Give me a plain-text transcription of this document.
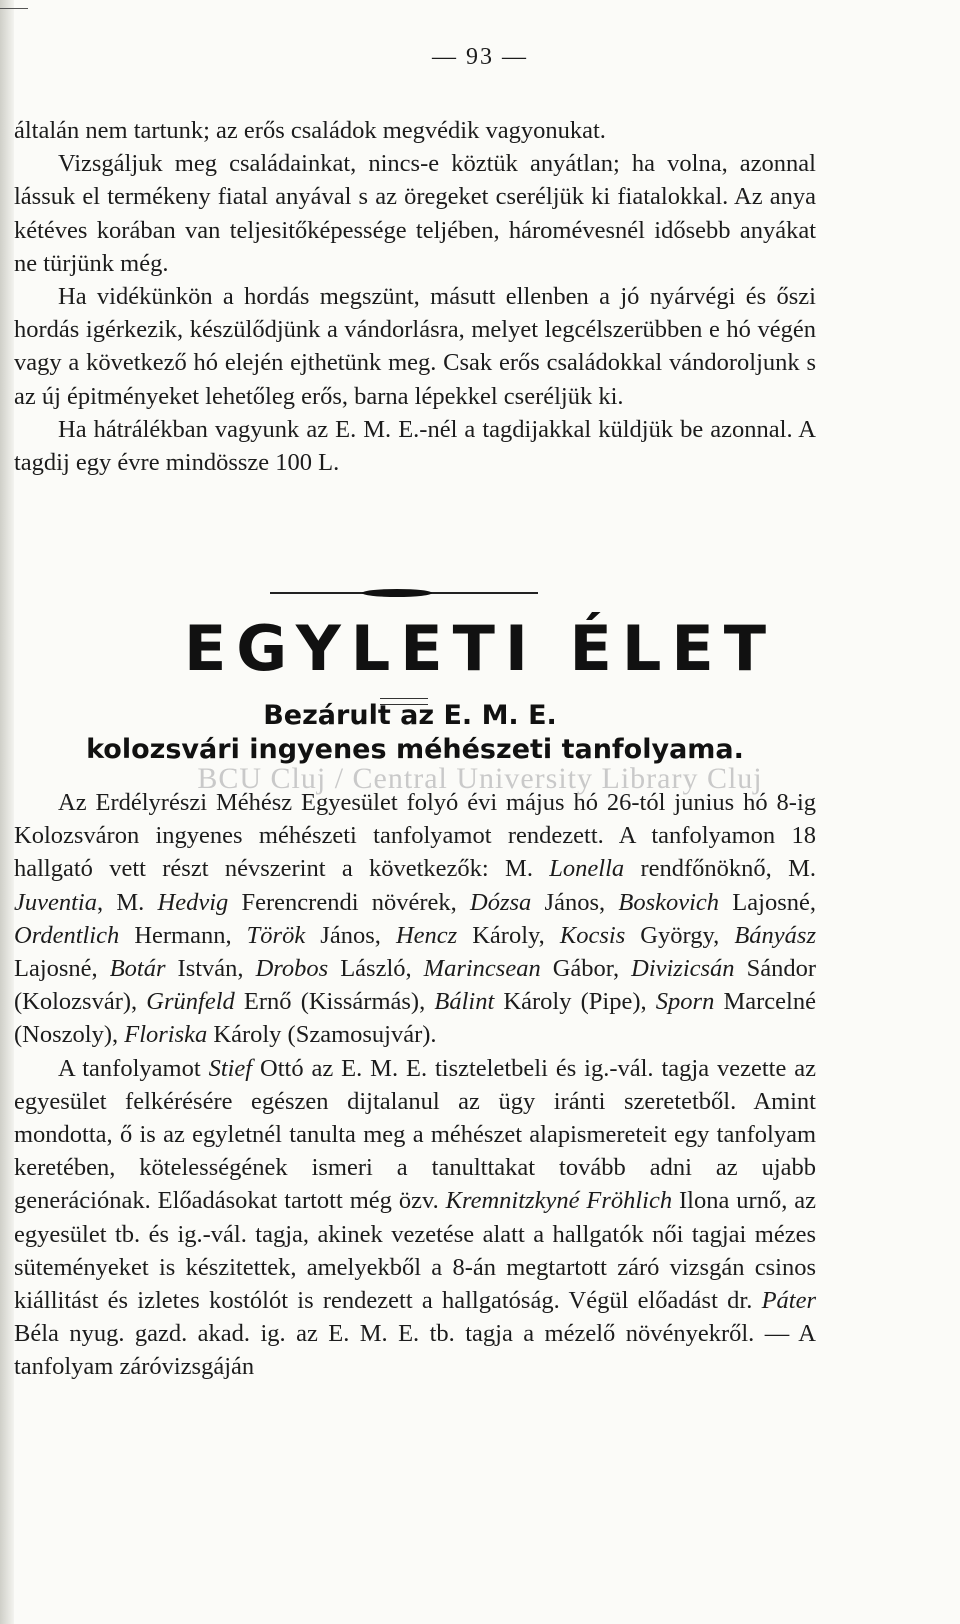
— 93 —

általán nem tartunk; az erős családok megvédik vagyonukat.

Vizsgáljuk meg családainkat, nincs-e köztük anyátlan; ha volna, azonnal lássuk el termékeny fiatal anyával s az öregeket cseréljük ki fiatalokkal. Az anya kétéves korában van teljesitőképessége teljében, háromévesnél idősebb anyákat ne türjünk még.

Ha vidékünkön a hordás megszünt, másutt ellenben a jó nyárvégi és őszi hordás igérkezik, készülődjünk a vándorlásra, melyet legcélszerübben e hó végén vagy a következő hó elején ejthetünk meg. Csak erős családokkal vándoroljunk s az új épitményeket lehetőleg erős, barna lépekkel cseréljük ki.

Ha hátrálékban vagyunk az E. M. E.-nél a tagdijakkal küldjük be azonnal. A tagdij egy évre mindössze 100 L.

EGYLETI ÉLET
Bezárult az E. M. E.
kolozsvári ingyenes méhészeti tanfolyama.
BCU Cluj / Central University Library Cluj

Az Erdélyrészi Méhész Egyesület folyó évi május hó 26-tól junius hó 8-ig Kolozsváron ingyenes méhészeti tanfolyamot rendezett. A tanfolyamon 18 hallgató vett részt névszerint a következők: M. Lonella rendfőnöknő, M. Juventia, M. Hedvig Ferencrendi növérek, Dózsa János, Boskovich Lajosné, Ordentlich Hermann, Török János, Hencz Károly, Kocsis György, Bányász Lajosné, Botár István, Drobos László, Marincsean Gábor, Divizicsán Sándor (Kolozsvár), Grünfeld Ernő (Kissármás), Bálint Károly (Pipe), Sporn Marcelné (Noszoly), Floriska Károly (Szamosujvár).

A tanfolyamot Stief Ottó az E. M. E. tiszteletbeli és ig.-vál. tagja vezette az egyesület felkérésére egészen dijtalanul az ügy iránti szeretetből. Amint mondotta, ő is az egyletnél tanulta meg a méhészet alapismereteit egy tanfolyam keretében, kötelességének ismeri a tanulttakat tovább adni az ujabb generációnak. Előadásokat tartott még özv. Kremnitzkyné Fröhlich Ilona urnő, az egyesület tb. és ig.-vál. tagja, akinek vezetése alatt a hallgatók női tagjai mézes süteményeket is készitettek, amelyekből a 8-án megtartott záró vizsgán csinos kiállitást és izletes kostólót is rendezett a hallgatóság. Végül előadást dr. Páter Béla nyug. gazd. akad. ig. az E. M. E. tb. tagja a mézelő növényekről. — A tanfolyam záróvizsgáján
